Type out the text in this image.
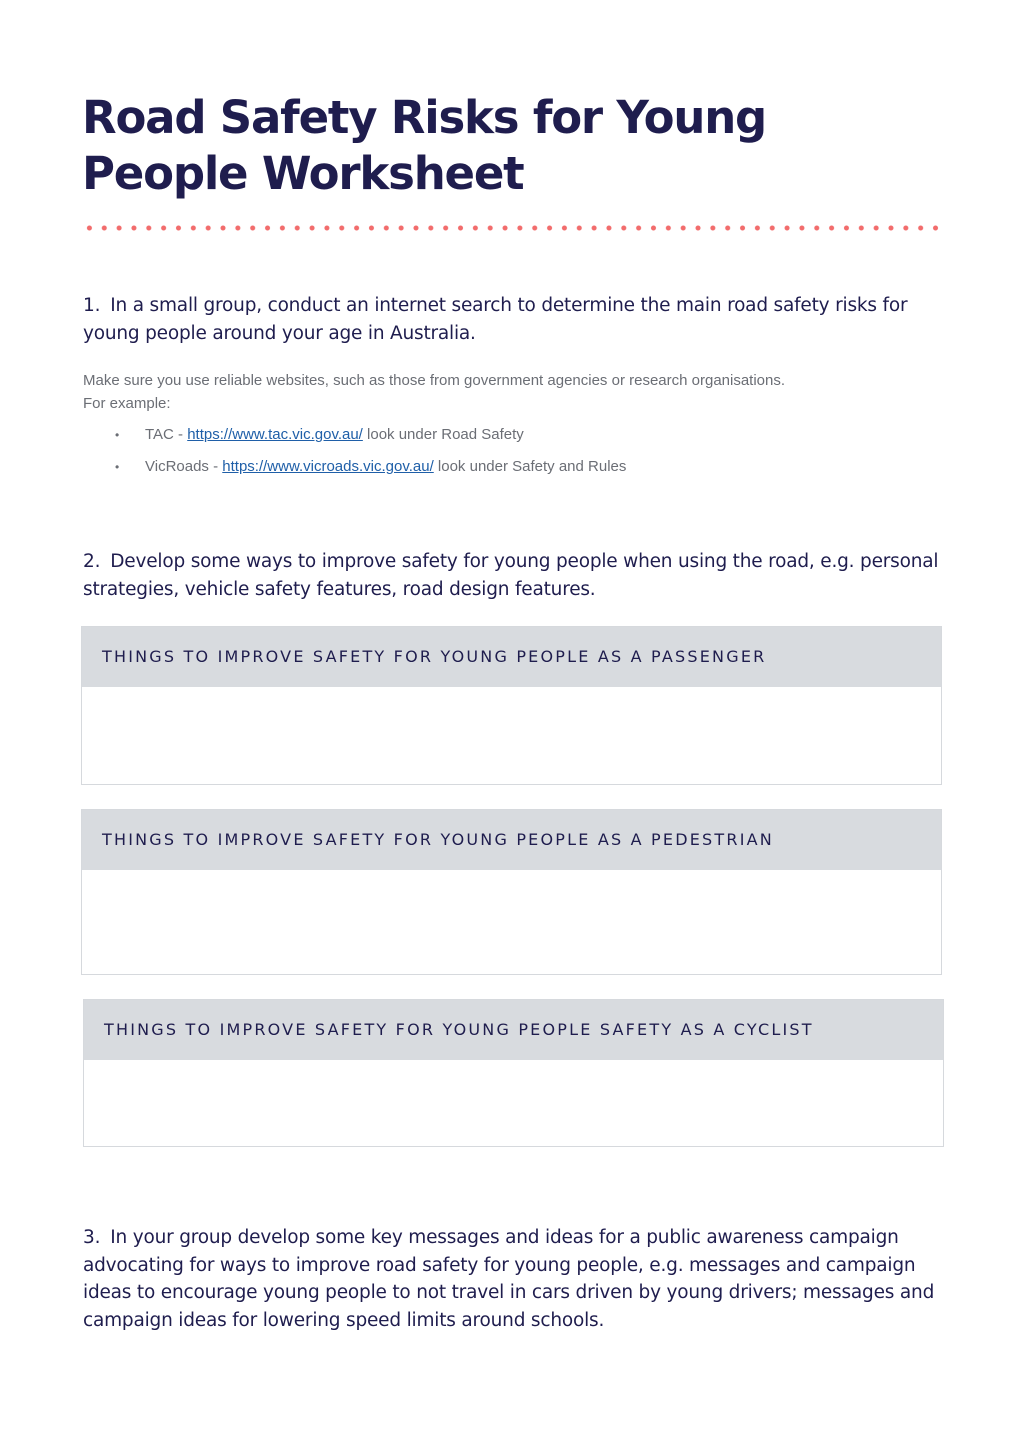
Road Safety Risks for Young People Worksheet

1. In a small group, conduct an internet search to determine the main road safety risks for young people around your age in Australia.

Make sure you use reliable websites, such as those from government agencies or research organisations.
For example:

• TAC - https://www.tac.vic.gov.au/ look under Road Safety
• VicRoads - https://www.vicroads.vic.gov.au/ look under Safety and Rules

2. Develop some ways to improve safety for young people when using the road, e.g. personal strategies, vehicle safety features, road design features.

THINGS TO IMPROVE SAFETY FOR YOUNG PEOPLE AS A PASSENGER
THINGS TO IMPROVE SAFETY FOR YOUNG PEOPLE AS A PEDESTRIAN
THINGS TO IMPROVE SAFETY FOR YOUNG PEOPLE SAFETY AS A CYCLIST

3. In your group develop some key messages and ideas for a public awareness campaign advocating for ways to improve road safety for young people, e.g. messages and campaign ideas to encourage young people to not travel in cars driven by young drivers; messages and campaign ideas for lowering speed limits around schools.
